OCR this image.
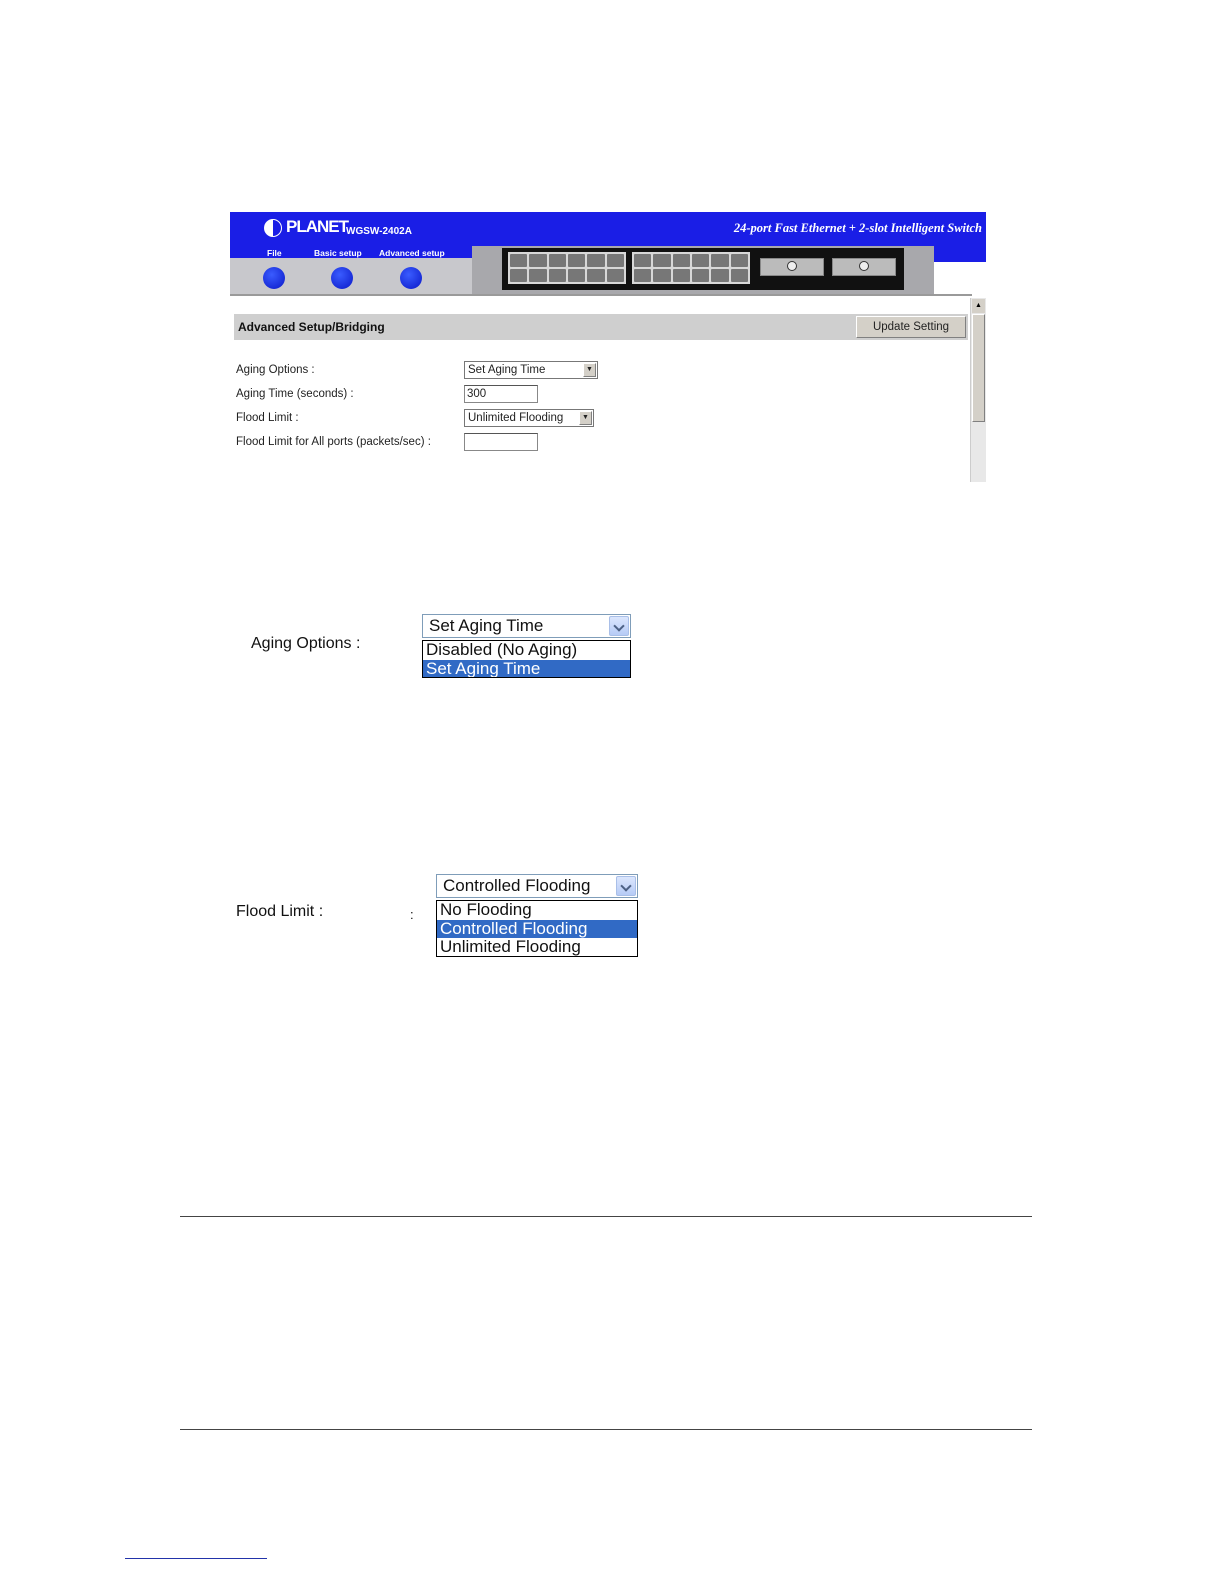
PLANET
WGSW-2402A	24-port Fast Ethernet + 2-slot Intelligent Switch
File	Basic setup Advanced setup
Advanced Setup/Bridging	Update Setting
Aging Options :	Set Aging Time	▼
Aging Time (seconds) :	300
Flood Limit :	Unlimited Flooding	▼
Flood Limit for All ports (packets/sec) :
▲
Aging Options :
Set Aging Time
Disabled (No Aging)
Set Aging Time
Flood Limit :	:
Controlled Flooding
No Flooding
Controlled Flooding
Unlimited Flooding
